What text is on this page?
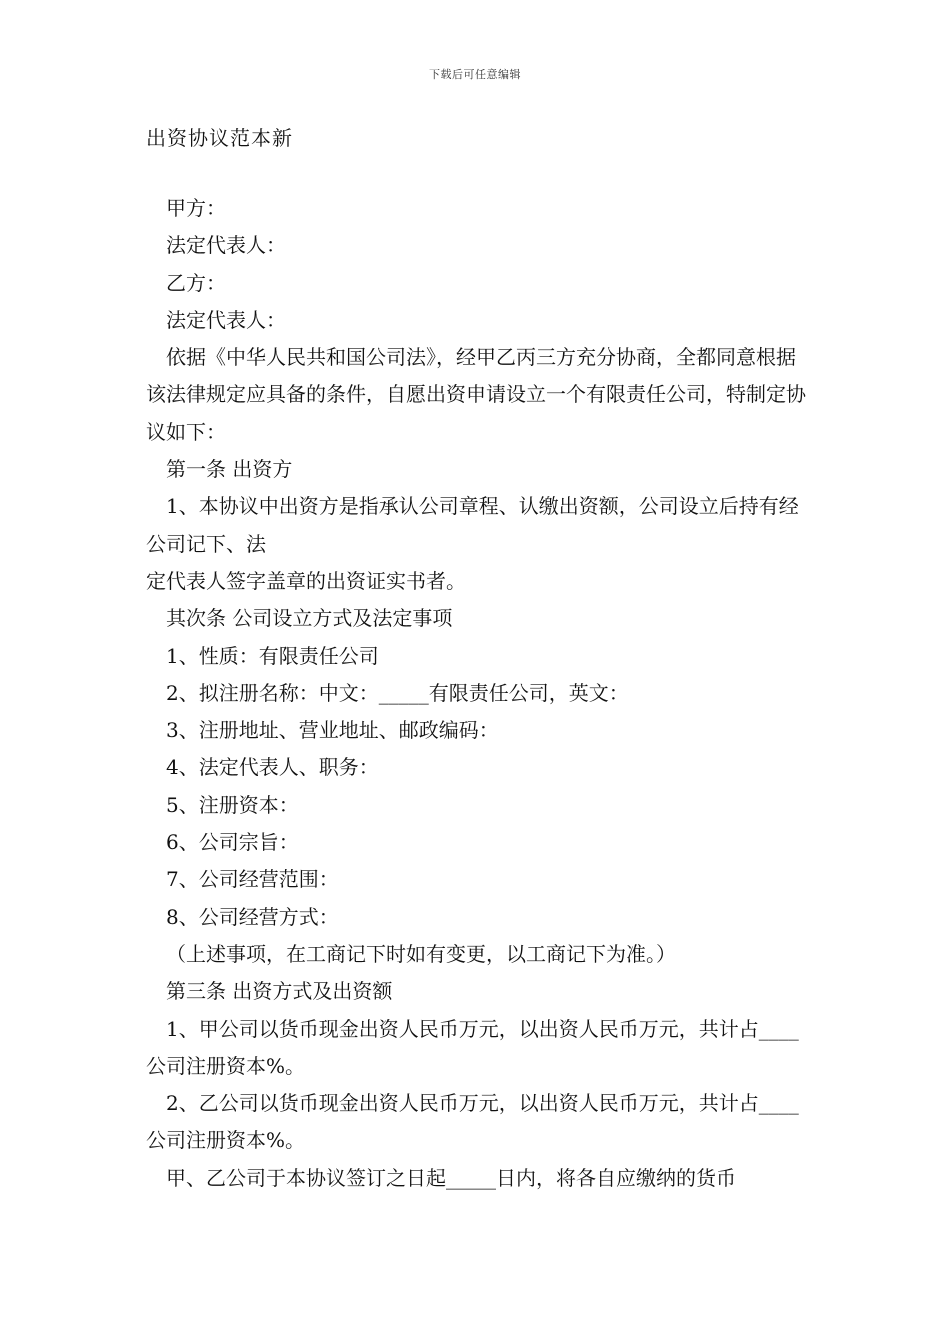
下载后可任意编辑
出资协议范本新

甲方：

法定代表人：

乙方：

法定代表人：

依据《中华人民共和国公司法》，经甲乙丙三方充分协商，全都同意根据该法律规定应具备的条件，自愿出资申请设立一个有限责任公司，特制定协议如下：

第一条 出资方

1、本协议中出资方是指承认公司章程、认缴出资额，公司设立后持有经公司记下、法

定代表人签字盖章的出资证实书者。

其次条 公司设立方式及法定事项

1、性质：有限责任公司

2、拟注册名称：中文：_____有限责任公司，英文：

3、注册地址、营业地址、邮政编码：

4、法定代表人、职务：

5、注册资本：

6、公司宗旨：

7、公司经营范围：

8、公司经营方式：

（上述事项，在工商记下时如有变更，以工商记下为准。）

第三条 出资方式及出资额

1、甲公司以货币现金出资人民币万元，以出资人民币万元，共计占____公司注册资本%。

2、乙公司以货币现金出资人民币万元，以出资人民币万元，共计占____公司注册资本%。

甲、乙公司于本协议签订之日起_____日内，将各自应缴纳的货币
